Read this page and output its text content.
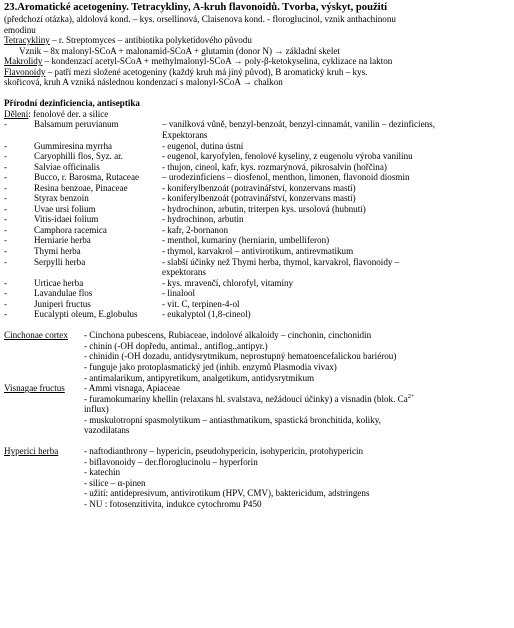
23.Aromatické acetogeniny. Tetracykliny, A-kruh flavonoidů. Tvorba, výskyt, použití
(předchozí otázka), aldolová kond. – kys. orsellinová, Claisenova kond. - floroglucinol, vznik anthachinonu
emodinu
Tetracykliny – r. Streptomyces – antibiotika polyketidového původu
Vznik – 8x malonyl-SCoA + malonamid-SCoA + glutamin (donor N) → základní skelet
Makrolidy – kondenzací acetyl-SCoA + methylmalonyl-SCoA → poly-β-ketokyselina, cyklizace na lakton
Flavonoidy – patří mezi složené acetogeniny (každý kruh má jiný původ), B aromatický kruh – kys.
skořicová, kruh A vzniká následnou kondenzací s malonyl-SCoA → chalkon
Přírodní dezinficiencia, antiseptika
Dělení: fenolové der. a silice
-	Balsamum peruvianum	– vanilková vůně, benzyl-benzoát, benzyl-cinnamát, vanilin – dezinficiens,
Expektorans
-	Gummiresina myrrha	- eugenol, dutina ústní
-	Caryophilli flos, Syz. ar.	- eugenol, karyofylen, fenolové kyseliny, z eugenolu výroba vanilinu
-	Salviae officinalis	- thujon, cineol, kafr, kys. rozmarýnová, pikrosalvin (hořčina)
-	Bucco, r. Barosma, Rutaceae	– urodezinficiens – diosfenol, menthon, limonen, flavonoid diosmin
-	Resina benzoae, Pinaceae	- koniferylbenzoát (potravinářství, konzervans mastí)
-	Styrax benzoin	- koniferylbenzoát (potravinářství, konzervans mastí)
-	Uvae ursi folium	- hydrochinon, arbutin, triterpen kys. ursolová (hubnutí)
-	Vitis-idaei folium	- hydrochinon, arbutin
-	Camphora racemica	- kafr, 2-bornanon
-	Herniarie herba	- menthol, kumariny (herniarin, umbelliferon)
-	Thymi herba	- thymol, karvakrol – antivirotikum, antirevmatikum
-	Serpylli herba	- slabší účinky než Thymi herba, thymol, karvakrol, flavonoidy –
expektorans
-	Urticae herba	- kys. mravenčí, chlorofyl, vitamíny
-	Lavandulae flos	- linalool
-	Juniperi fructus	- vit. C, terpinen-4-ol
-	Eucalypti oleum, E.globulus	- eukalyptol (1,8-cineol)
Cinchonae cortex	- Cinchona pubescens, Rubiaceae, indolové alkaloidy – cinchonin, cinchonidin
- chinin (-OH dopředu, antimal., antiflog.,antipyr.)
- chinidin (-OH dozadu, antidysrytmikum, neprostupný hematoencefalickou bariérou)
- funguje jako protoplasmatický jed (inhib. enzymů Plasmodia vivax)
- antimalarikum, antipyretikum, analgetikum, antidysrytmikum
Visnagae fructus	- Ammi visnaga, Apiaceae
- furamokumariny khellin (relaxans hl. svalstava, nežádoucí účinky) a visnadin (blok. $Ca^{2+}$
influx)
- muskulotropní spasmolytikum – antiasthmatikum, spastická bronchitida, koliky,
vazodilatans
Hyperici herba	- naftodianthrony – hypericin, pseudohypericin, isohypericin, protohypericin
- biflavonoidy – der.floroglucinolu – hyperforin
- katechin
- silice – α-pinen
- užití: antidepresivum, antivirotikum (HPV, CMV), baktericidum, adstringens
- NU : fotosenzitivita, indukce cytochromu P450
